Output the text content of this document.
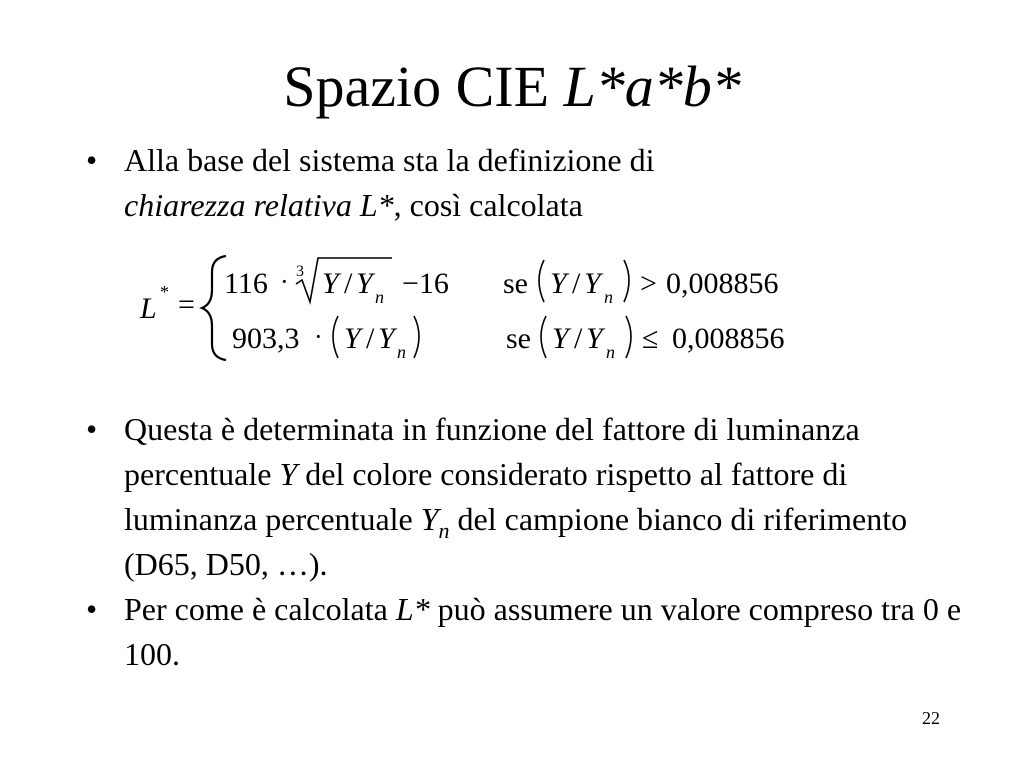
Spazio CIE L*a*b*
• Alla base del sistema sta la definizione di
chiarezza relativa L*, così calcolata
• Questa è determinata in funzione del fattore di luminanza percentuale Y del colore considerato rispetto al fattore di luminanza percentuale $Y_n$ del campione bianco di riferimento (D65, D50, …).
• Per come è calcolata L* può assumere un valore compreso tra 0 e 100.
L * =
116 · 3 Y / Y n −16 se Y / Y n > 0,008856
903,3 · Y / Y n	se Y / Y n ≤ 0,008856
22
